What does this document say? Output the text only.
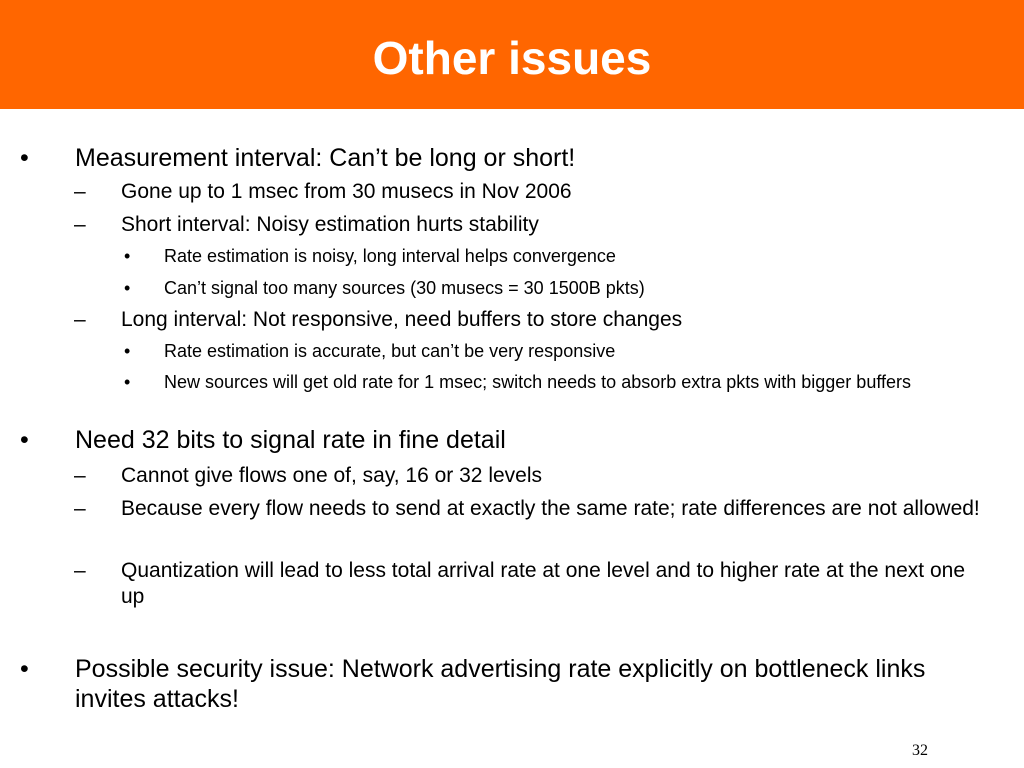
Other issues
• Measurement interval: Can’t be long or short!
– Gone up to 1 msec from 30 musecs in Nov 2006
– Short interval: Noisy estimation hurts stability
• Rate estimation is noisy, long interval helps convergence
• Can’t signal too many sources (30 musecs = 30 1500B pkts)
– Long interval: Not responsive, need buffers to store changes
• Rate estimation is accurate, but can’t be very responsive
• New sources will get old rate for 1 msec; switch needs to absorb extra pkts with bigger buffers
• Need 32 bits to signal rate in fine detail
– Cannot give flows one of, say, 16 or 32 levels
– Because every flow needs to send at exactly the same rate; rate differences are not allowed!
– Quantization will lead to less total arrival rate at one level and to higher rate at the next one up
• Possible security issue: Network advertising rate explicitly on bottleneck links invites attacks!
32
